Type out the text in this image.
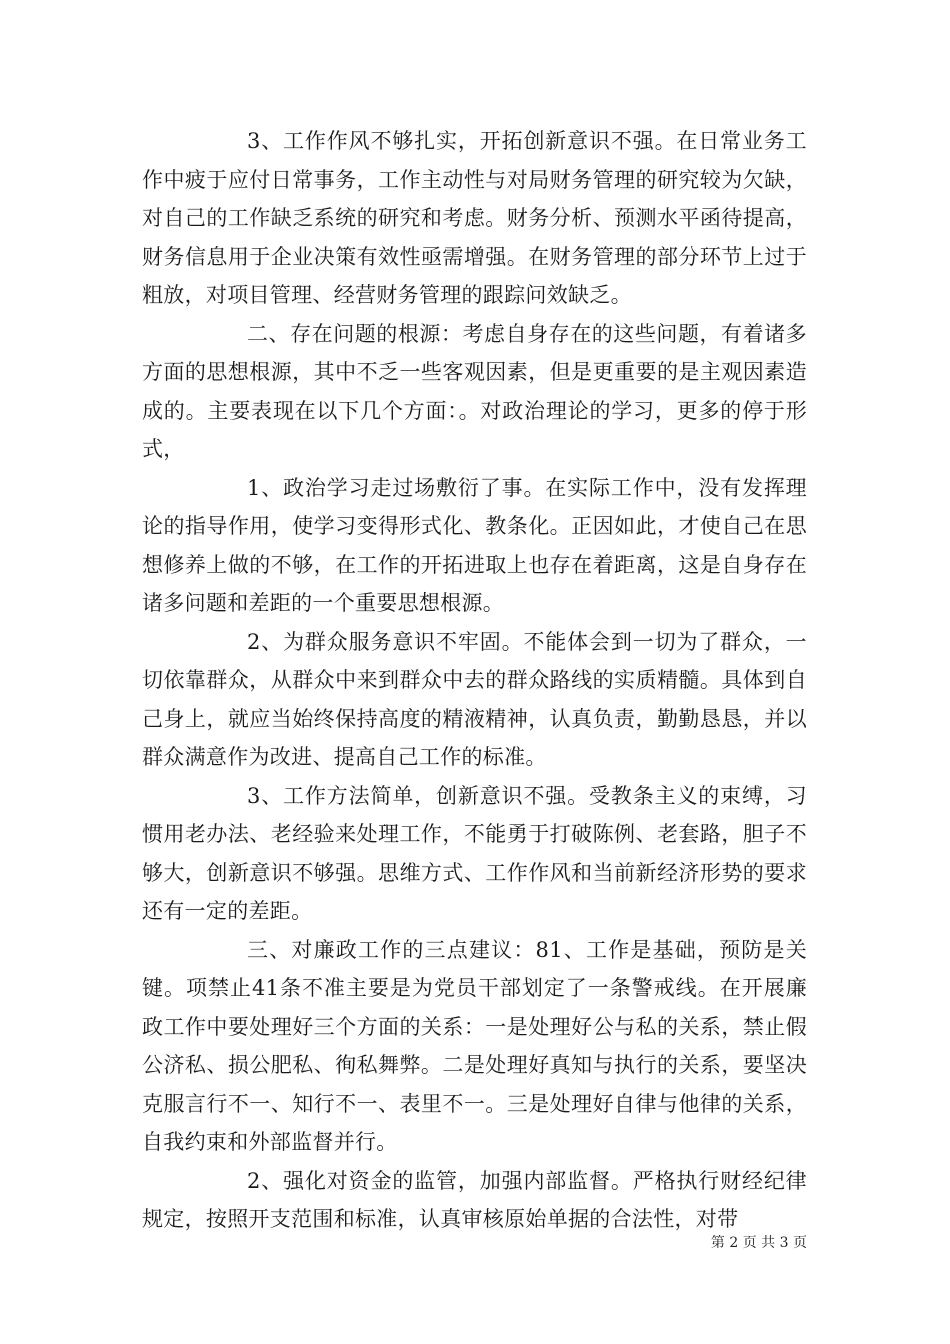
3、工作作风不够扎实，开拓创新意识不强。在日常业务工作中疲于应付日常事务，工作主动性与对局财务管理的研究较为欠缺，对自己的工作缺乏系统的研究和考虑。财务分析、预测水平函待提高，财务信息用于企业决策有效性亟需增强。在财务管理的部分环节上过于粗放，对项目管理、经营财务管理的跟踪问效缺乏。

二、存在问题的根源：考虑自身存在的这些问题，有着诸多方面的思想根源，其中不乏一些客观因素，但是更重要的是主观因素造成的。主要表现在以下几个方面：。对政治理论的学习，更多的停于形式，

1、政治学习走过场敷衍了事。在实际工作中，没有发挥理论的指导作用，使学习变得形式化、教条化。正因如此，才使自己在思想修养上做的不够，在工作的开拓进取上也存在着距离，这是自身存在诸多问题和差距的一个重要思想根源。

2、为群众服务意识不牢固。不能体会到一切为了群众，一切依靠群众，从群众中来到群众中去的群众路线的实质精髓。具体到自己身上，就应当始终保持高度的精液精神，认真负责，勤勤恳恳，并以群众满意作为改进、提高自己工作的标准。

3、工作方法简单，创新意识不强。受教条主义的束缚，习惯用老办法、老经验来处理工作，不能勇于打破陈例、老套路，胆子不够大，创新意识不够强。思维方式、工作作风和当前新经济形势的要求还有一定的差距。

三、对廉政工作的三点建议：81、工作是基础，预防是关键。项禁止41条不准主要是为党员干部划定了一条警戒线。在开展廉政工作中要处理好三个方面的关系：一是处理好公与私的关系，禁止假公济私、损公肥私、徇私舞弊。二是处理好真知与执行的关系，要坚决克服言行不一、知行不一、表里不一。三是处理好自律与他律的关系，自我约束和外部监督并行。

2、强化对资金的监管，加强内部监督。严格执行财经纪律规定，按照开支范围和标准，认真审核原始单据的合法性，对带

第 2 页 共 3 页
